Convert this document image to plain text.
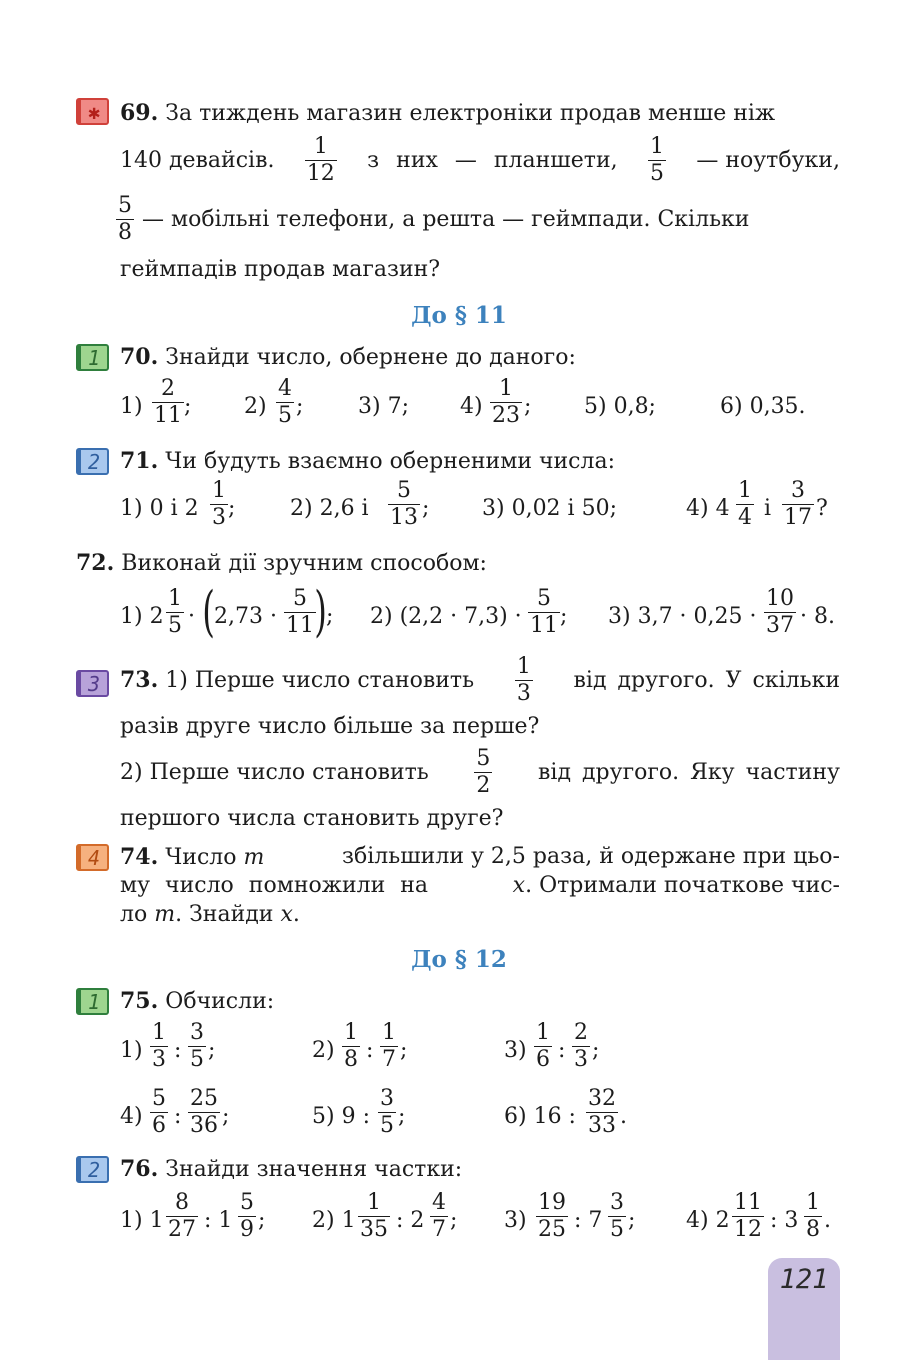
✱ 69. За тиждень магазин електроніки продав менше ніж
140 девайсів. $\frac{1}{12}$ з них — планшети, $\frac{1}{5}$ — ноутбуки,
$\frac{5}{8}$ — мобільні телефони, а решта — геймпади. Скільки
геймпадів продав магазин?
До § 11
1 70. Знайди число, обернене до даного:
$1) \frac{2}{11}$ ; $2) \frac{4}{5}$ ; 3) 7; $4) \frac{1}{23}$ ; 5) 0,8;	6) 0,35.
2 71. Чи будуть взаємно оберненими числа:
1) 0 і $2 \frac{1}{3}$ ; 2) 2,6 і $\frac{5}{13}$ ; 3) 0,02 і 50;	4) $4 \frac{1}{4}$ і $\frac{3}{17}$ ?
72. Виконай дії зручним способом:
1) $2 \frac{1}{5}$ · ( $2,73 \cdot \frac{5}{11}$
) ; 2) $(2,2 \cdot 7,3) \cdot \frac{5}{11}$ ; 3) $3,7 \cdot 0,25 \cdot \frac{10}{37} \cdot 8$.
3 73. 1) Перше число становить $\frac{1}{3}$ від другого. У скільки
разів друге число більше за перше?
2) Перше число становить $\frac{5}{2}$ від другого. Яку частину
першого числа становить друге?
4 74. Число m	збільшили у 2,5 раза, й одержане при цьо-
му число помножили на	x. Отримали початкове чис-
ло m. Знайди x.
До § 12
1 75. Обчисли:
$1) \frac{1}{3}$ : $\frac{3}{5}$ ;	$2) \frac{1}{8}$ : $\frac{1}{7}$ ;	$3) \frac{1}{6}$ : $\frac{2}{3}$ ;
$4) \frac{5}{6}$ : $\frac{25}{36}$ ;	5) 9 : $\frac{3}{5}$ ;	6) 16 : $\frac{32}{33}$ .
2 76. Знайди значення частки:
1) $1 \frac{8}{27}$ : $1 \frac{5}{9}$ ; 2) $1 \frac{1}{35}$ : $2 \frac{4}{7}$ ; $3) \frac{19}{25}$ : $7 \frac{3}{5}$ ; 4) $2 \frac{11}{12}$ : $3 \frac{1}{8}$ .
121
